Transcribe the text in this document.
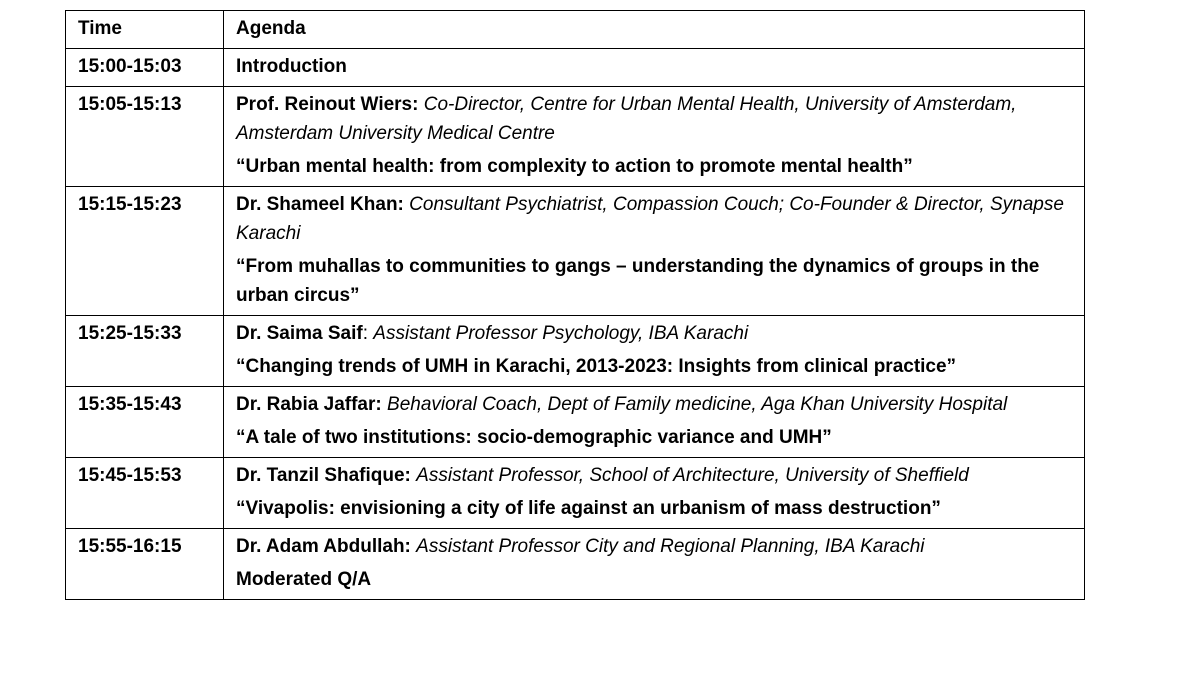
Time	Agenda
15:00-15:03	Introduction
15:05-15:13	Prof. Reinout Wiers: Co-Director, Centre for Urban Mental Health, University of Amsterdam, Amsterdam University Medical Centre
“Urban mental health: from complexity to action to promote mental health”

15:15-15:23	Dr. Shameel Khan: Consultant Psychiatrist, Compassion Couch; Co-Founder & Director, Synapse Karachi
“From muhallas to communities to gangs – understanding the dynamics of groups in the urban circus”

15:25-15:33	Dr. Saima Saif: Assistant Professor Psychology, IBA Karachi
“Changing trends of UMH in Karachi, 2013-2023: Insights from clinical practice”

15:35-15:43	Dr. Rabia Jaffar: Behavioral Coach, Dept of Family medicine, Aga Khan University Hospital
“A tale of two institutions: socio-demographic variance and UMH”

15:45-15:53	Dr. Tanzil Shafique: Assistant Professor, School of Architecture, University of Sheffield
“Vivapolis: envisioning a city of life against an urbanism of mass destruction”

15:55-16:15	Dr. Adam Abdullah: Assistant Professor City and Regional Planning, IBA Karachi
Moderated Q/A
